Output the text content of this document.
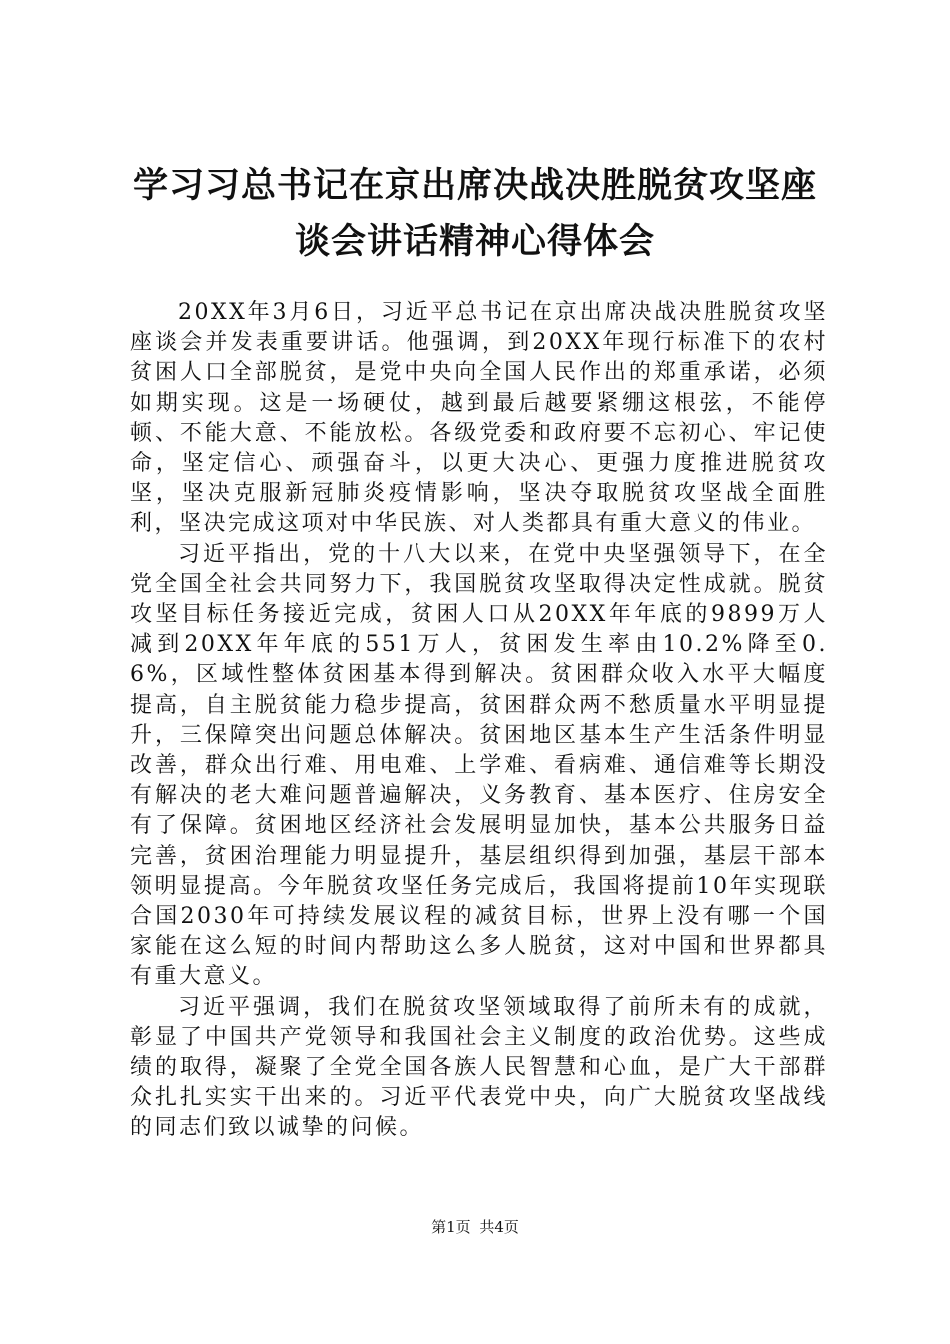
学习习总书记在京出席决战决胜脱贫攻坚座谈会讲话精神心得体会

20XX年3月6日，习近平总书记在京出席决战决胜脱贫攻坚座谈会并发表重要讲话。他强调，到20XX年现行标准下的农村贫困人口全部脱贫，是党中央向全国人民作出的郑重承诺，必须如期实现。这是一场硬仗，越到最后越要紧绷这根弦，不能停顿、不能大意、不能放松。各级党委和政府要不忘初心、牢记使命，坚定信心、顽强奋斗，以更大决心、更强力度推进脱贫攻坚，坚决克服新冠肺炎疫情影响，坚决夺取脱贫攻坚战全面胜利，坚决完成这项对中华民族、对人类都具有重大意义的伟业。

习近平指出，党的十八大以来，在党中央坚强领导下，在全党全国全社会共同努力下，我国脱贫攻坚取得决定性成就。脱贫攻坚目标任务接近完成，贫困人口从20XX年年底的9899万人减到20XX年年底的551万人，贫困发生率由10.2%降至0.6%，区域性整体贫困基本得到解决。贫困群众收入水平大幅度提高，自主脱贫能力稳步提高，贫困群众两不愁质量水平明显提升，三保障突出问题总体解决。贫困地区基本生产生活条件明显改善，群众出行难、用电难、上学难、看病难、通信难等长期没有解决的老大难问题普遍解决，义务教育、基本医疗、住房安全有了保障。贫困地区经济社会发展明显加快，基本公共服务日益完善，贫困治理能力明显提升，基层组织得到加强，基层干部本领明显提高。今年脱贫攻坚任务完成后，我国将提前10年实现联合国2030年可持续发展议程的减贫目标，世界上没有哪一个国家能在这么短的时间内帮助这么多人脱贫，这对中国和世界都具有重大意义。

习近平强调，我们在脱贫攻坚领域取得了前所未有的成就，彰显了中国共产党领导和我国社会主义制度的政治优势。这些成绩的取得，凝聚了全党全国各族人民智慧和心血，是广大干部群众扎扎实实干出来的。习近平代表党中央，向广大脱贫攻坚战线的同志们致以诚挚的问候。

第1页 共4页
